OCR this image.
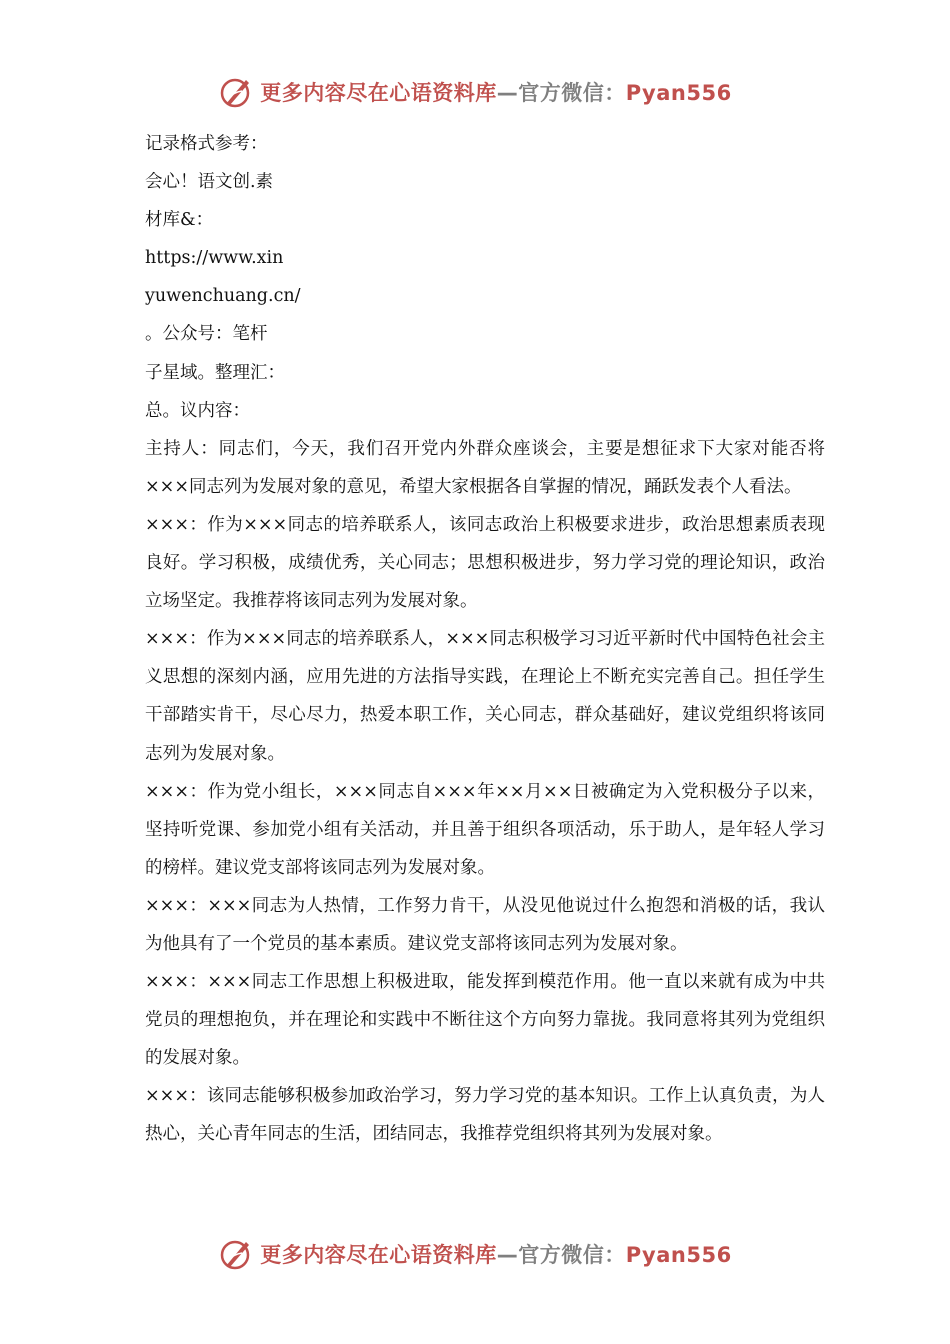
更多内容尽在心语资料库—官方微信：Pyan556
记录格式参考：
会心！语文创.素
材库&：
https://www.xin
yuwenchuang.cn/
。公众号：笔杆
子星域。整理汇：
总。议内容：
主持人：同志们，今天，我们召开党内外群众座谈会，主要是想征求下大家对能否将×××同志列为发展对象的意见，希望大家根据各自掌握的情况，踊跃发表个人看法。
×××：作为×××同志的培养联系人，该同志政治上积极要求进步，政治思想素质表现良好。学习积极，成绩优秀，关心同志；思想积极进步，努力学习党的理论知识，政治立场坚定。我推荐将该同志列为发展对象。
×××：作为×××同志的培养联系人，×××同志积极学习习近平新时代中国特色社会主义思想的深刻内涵，应用先进的方法指导实践，在理论上不断充实完善自己。担任学生干部踏实肯干，尽心尽力，热爱本职工作，关心同志，群众基础好，建议党组织将该同志列为发展对象。
×××：作为党小组长，×××同志自×××年××月××日被确定为入党积极分子以来，坚持听党课、参加党小组有关活动，并且善于组织各项活动，乐于助人，是年轻人学习的榜样。建议党支部将该同志列为发展对象。
×××：×××同志为人热情，工作努力肯干，从没见他说过什么抱怨和消极的话，我认为他具有了一个党员的基本素质。建议党支部将该同志列为发展对象。
×××：×××同志工作思想上积极进取，能发挥到模范作用。他一直以来就有成为中共党员的理想抱负，并在理论和实践中不断往这个方向努力靠拢。我同意将其列为党组织的发展对象。
×××：该同志能够积极参加政治学习，努力学习党的基本知识。工作上认真负责，为人热心，关心青年同志的生活，团结同志，我推荐党组织将其列为发展对象。
更多内容尽在心语资料库—官方微信：Pyan556
